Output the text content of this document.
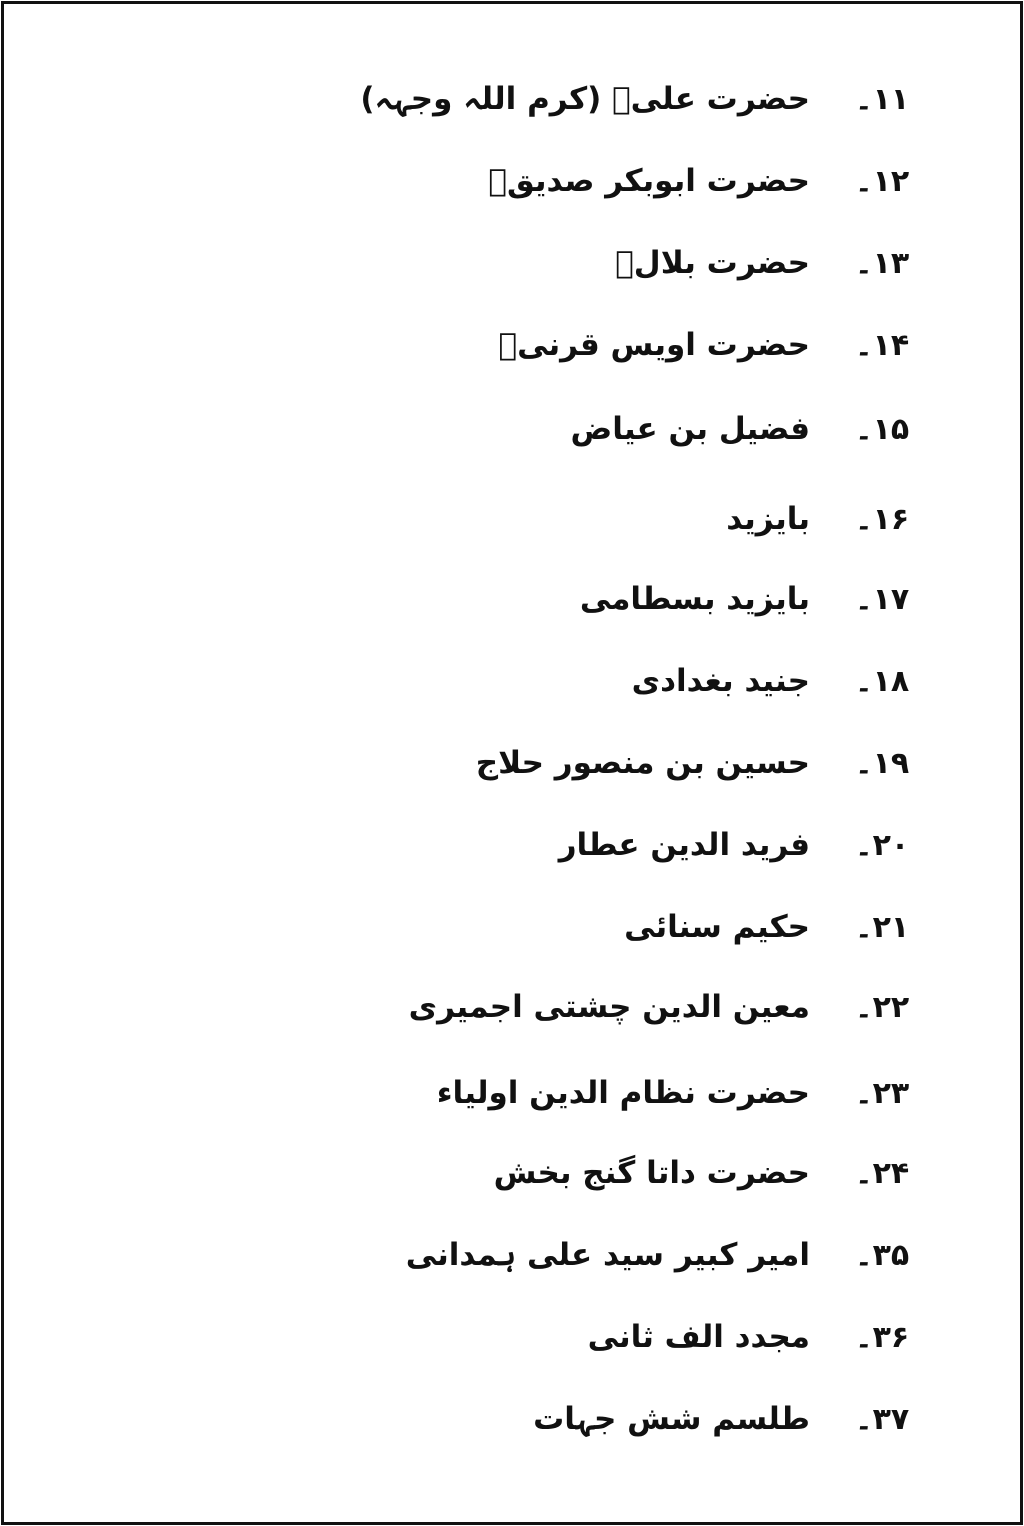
۱۱۔
حضرت علیؑ (کرم اللہ وجہہ)
۱۲۔
حضرت ابوبکر صدیقؓ
۱۳۔
حضرت بلالؓ
۱۴۔
حضرت اویس قرنیؓ
۱۵۔
فضیل بن عیاض
۱۶۔
بایزید
۱۷۔
بایزید بسطامی
۱۸۔
جنید بغدادی
۱۹۔
حسین بن منصور حلاج
۲۰۔
فرید الدین عطار
۲۱۔
حکیم سنائی
۲۲۔
معین الدین چشتی اجمیری
۲۳۔
حضرت نظام الدین اولیاء
۲۴۔
حضرت داتا گنج بخش
۳۵۔
امیر کبیر سید علی ہمدانی
۳۶۔
مجدد الف ثانی
۳۷۔
طلسم شش جہات
